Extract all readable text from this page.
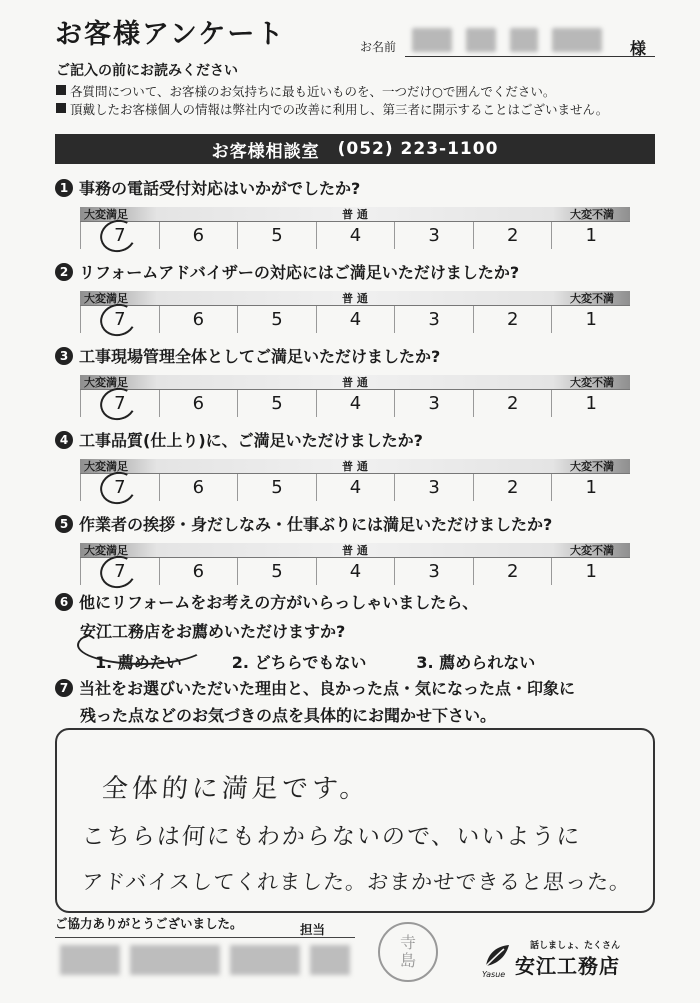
お客様アンケート	お名前	様
ご記入の前にお読みください
各質問について、お客様のお気持ちに最も近いものを、一つだけ○で囲んでください。
頂戴したお客様個人の情報は弊社内での改善に利用し、第三者に開示することはございません。
お客様相談室 (052) 223-1100
1 事務の電話受付対応はいかがでしたか?
大変満足	普 通	大変不満
7	6	5	4	3	2	1
2 リフォームアドバイザーの対応にはご満足いただけましたか?
大変満足	普 通	大変不満
7	6	5	4	3	2	1
3 工事現場管理全体としてご満足いただけましたか?
大変満足	普 通	大変不満
7	6	5	4	3	2	1
4 工事品質(仕上り)に、ご満足いただけましたか?
大変満足	普 通	大変不満
7	6	5	4	3	2	1
5 作業者の挨拶・身だしなみ・仕事ぶりには満足いただけましたか?
大変満足	普 通	大変不満
7	6	5	4	3	2	1
6 他にリフォームをお考えの方がいらっしゃいましたら、
安江工務店をお薦めいただけますか?
1. 薦めたい	2. どちらでもない	3. 薦められない
7 当社をお選びいただいた理由と、良かった点・気になった点・印象に
残った点などのお気づきの点を具体的にお聞かせ下さい。
全体的に満足です。
こちらは何にもわからないので、いいように
アドバイスしてくれました。おまかせできると思った。
ご協力ありがとうございました。	担当
寺
島
話しましょ、たくさん
Yasue 安江工務店
